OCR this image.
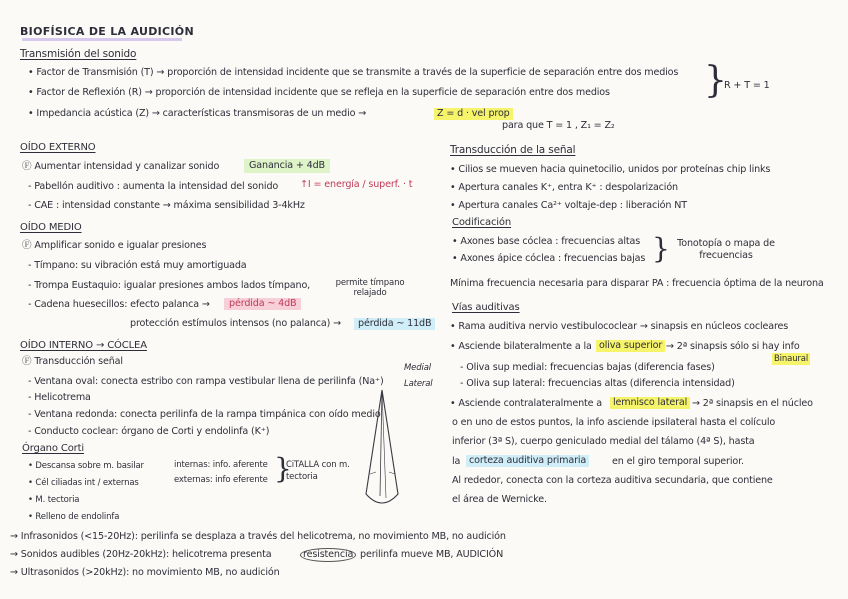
BIOFÍSICA DE LA AUDICIÓN
Transmisión del sonido
• Factor de Transmisión (T) → proporción de intensidad incidente que se transmite a través de la superficie de separación entre dos medios
• Factor de Reflexión (R) → proporción de intensidad incidente que se refleja en la superficie de separación entre dos medios	}
R + T = 1
• Impedancia acústica (Z) → características transmisoras de un medio →	Z = d · vel prop
para que T = 1 , Z₁ = Z₂
OÍDO EXTERNO
Ⓕ Aumentar intensidad y canalizar sonido	Ganancia + 4dB
- Pabellón auditivo : aumenta la intensidad del sonido ↑I = energía / superf. · t
- CAE : intensidad constante → máxima sensibilidad 3-4kHz
OÍDO MEDIO
Ⓕ Amplificar sonido e igualar presiones
- Tímpano: su vibración está muy amortiguada
- Trompa Eustaquio: igualar presiones ambos lados tímpano,	permite tímpano relajado
- Cadena huesecillos: efecto palanca →	pérdida ~ 4dB
protección estímulos intensos (no palanca) →	pérdida ~ 11dB
OÍDO INTERNO → CÓCLEA
Ⓕ Transducción señal
- Ventana oval: conecta estribo con rampa vestibular llena de perilinfa (Na⁺)
- Helicotrema
- Ventana redonda: conecta perilinfa de la rampa timpánica con oído medio
- Conducto coclear: órgano de Corti y endolinfa (K⁺)
Órgano Corti
• Descansa sobre m. basilar
• Cél ciliadas int / externas
internas: info. aferente
externas: info eferente }
CiTALLA con m. tectoria
• M. tectoria
• Relleno de endolinfa
→ Infrasonidos (<15-20Hz): perilinfa se desplaza a través del helicotrema, no movimiento MB, no audición
→ Sonidos audibles (20Hz-20kHz): helicotrema presenta	resistencia perilinfa mueve MB, AUDICIÓN
→ Ultrasonidos (>20kHz): no movimiento MB, no audición
Transducción de la señal
• Cilios se mueven hacia quinetocilio, unidos por proteínas chip links
• Apertura canales K⁺, entra K⁺ : despolarización
• Apertura canales Ca²⁺ voltaje-dep : liberación NT
Codificación
• Axones base cóclea : frecuencias altas
• Axones ápice cóclea : frecuencias bajas } Tonotopía o mapa de frecuencias
Mínima frecuencia necesaria para disparar PA : frecuencia óptima de la neurona
Vías auditivas
• Rama auditiva nervio vestibulococlear → sinapsis en núcleos cocleares
• Asciende bilateralmente a la oliva superior → 2ª sinapsis sólo si hay info
Binaural
Medial
Lateral
- Oliva sup medial: frecuencias bajas (diferencia fases)
- Oliva sup lateral: frecuencias altas (diferencia intensidad)
• Asciende contralateralmente a	lemnisco lateral → 2ª sinapsis en el núcleo
o en uno de estos puntos, la info asciende ipsilateral hasta el colículo
inferior (3ª S), cuerpo geniculado medial del tálamo (4ª S), hasta
la corteza auditiva primaria	en el giro temporal superior.
Al rededor, conecta con la corteza auditiva secundaria, que contiene
el área de Wernicke.
